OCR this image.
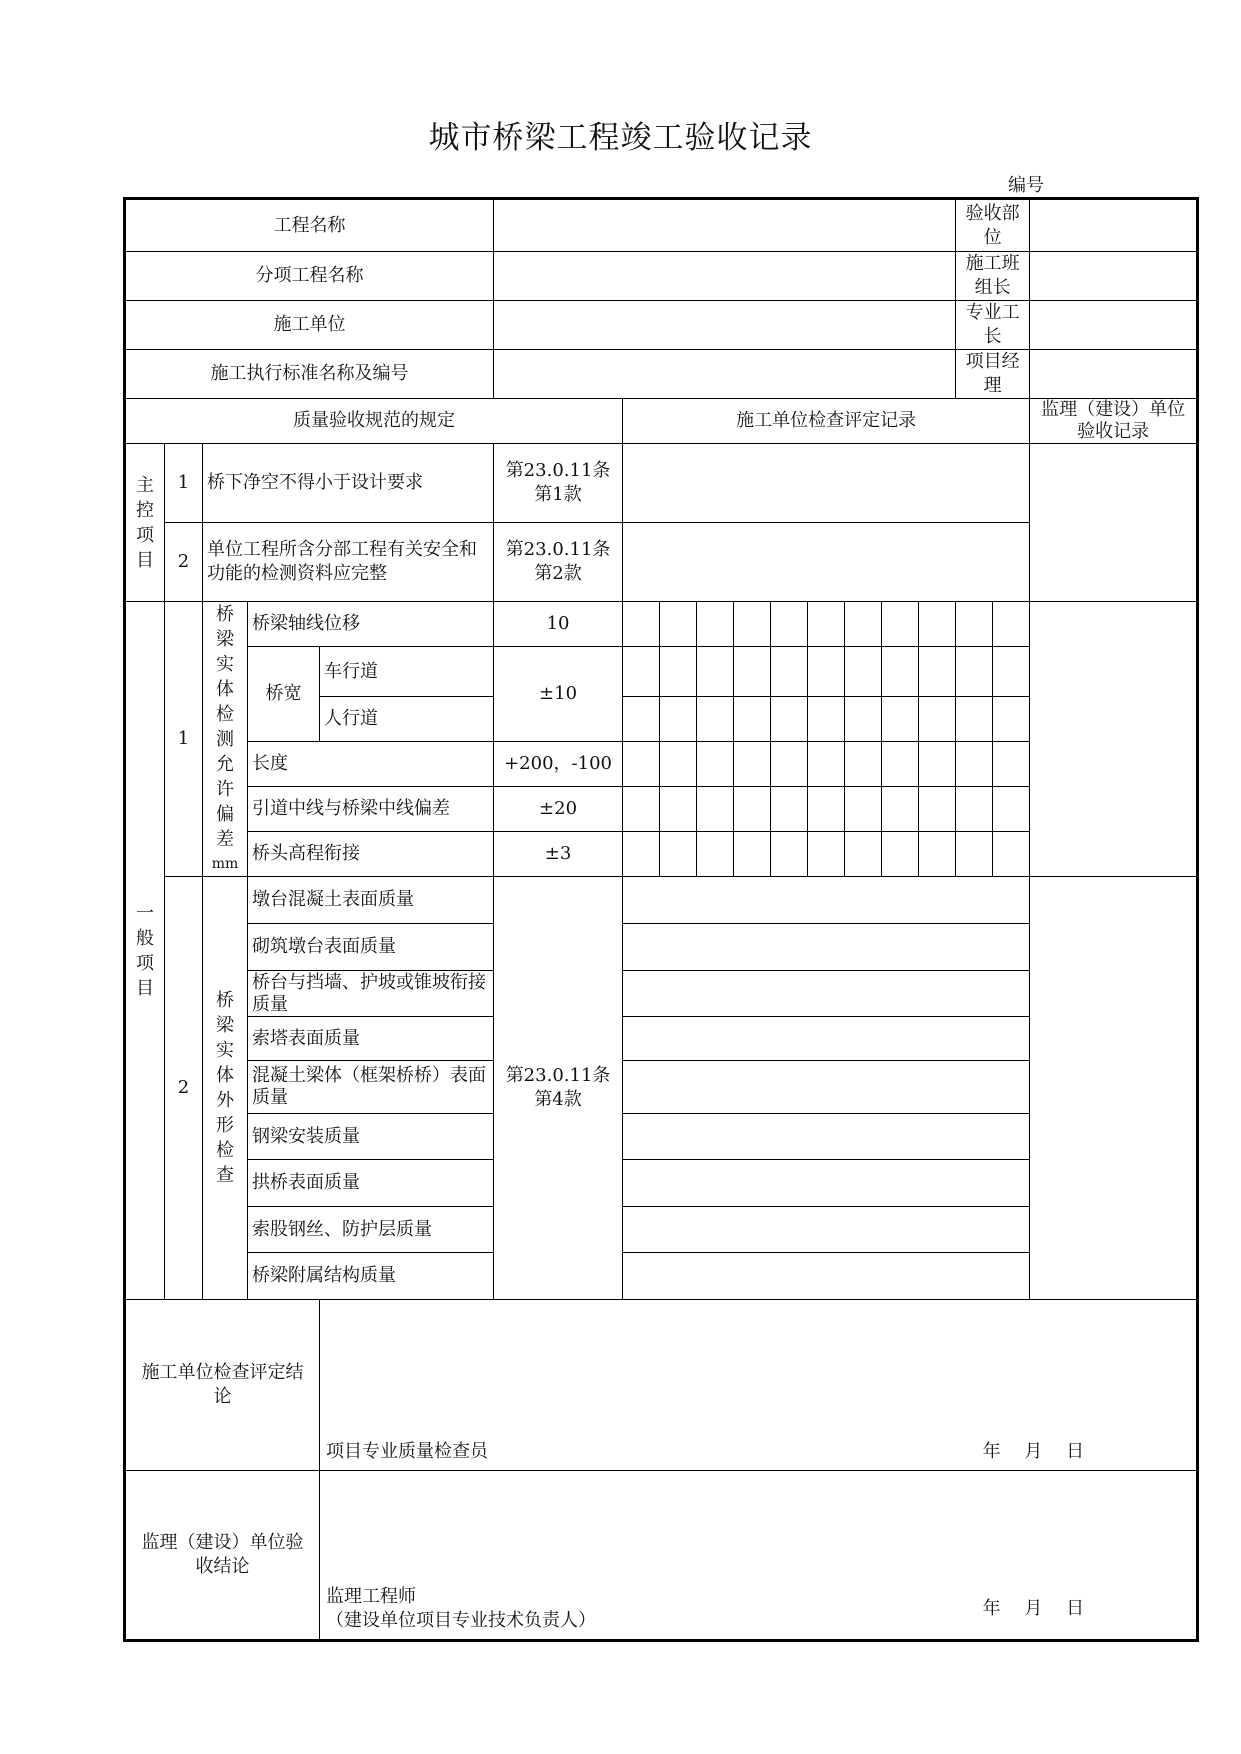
城市桥梁工程竣工验收记录
编号
工程名称															验收部位		
分项工程名称															施工班组长		
施工单位															专业工长		
施工执行标准名称及编号															项目经理		
质量验收规范的规定						施工单位检查评定记录											监理（建设）单位验收记录

主控项目	1	桥下净空不得小于设计要求			第23.0.11条第1款												
	2	单位工程所含分部工程有关安全和功能的检测资料应完整			第23.0.11条第2款												

一般项目	1	桥梁实体检测允许偏差
mm	桥梁轴线位移		10												
			桥宽	车行道	±10												
				人行道													
			长度		+200，-100												
			引道中线与桥梁中线偏差		±20												
			桥头高程衔接		±3												
	2	桥梁实体外形检查	墩台混凝土表面质量		第23.0.11条第4款												
			砌筑墩台表面质量														
			桥台与挡墙、护坡或锥坡衔接质量														
			索塔表面质量														
			混凝土梁体（框架桥桥）表面质量														
			钢梁安装质量														
			拱桥表面质量														
			索股钢丝、防护层质量														
			桥梁附属结构质量														
施工单位检查评定结论				项目专业质量检查员 年 月 日													

监理（建设）单位验收结论				监理工程师
（建设单位项目专业技术负责人）
年 月 日													
